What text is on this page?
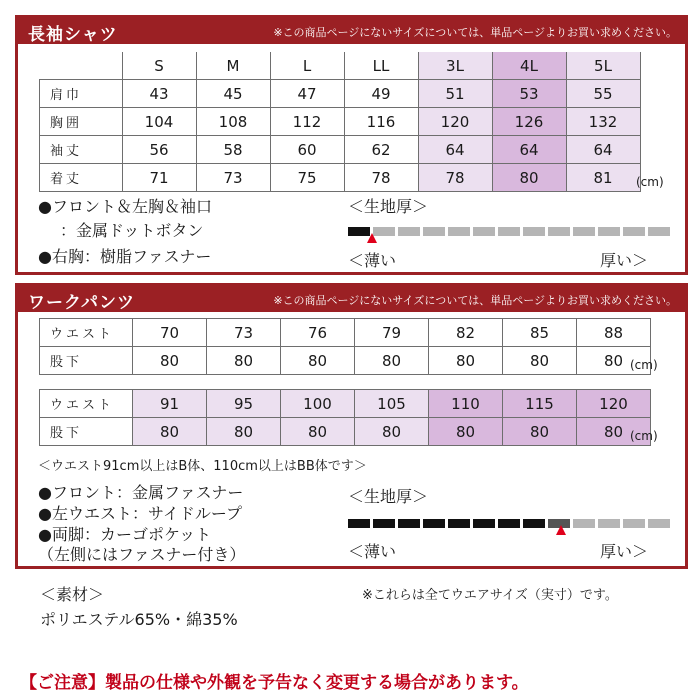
長袖シャツ	※この商品ページにないサイズについては、単品ページよりお買い求めください。
	S	M	L	LL	3L	4L	5L
肩巾	43	45	47	49	51	53	55
胸囲	104	108	112	116	120	126	132
袖丈	56	58	60	62	64	64	64
着丈	71	73	75	78	78	80	81 (cm)
●フロント＆左胸＆袖口
：金属ドットボタン
●右胸：樹脂ファスナー
＜生地厚＞
＜薄い	厚い＞
ワークパンツ	※この商品ページにないサイズについては、単品ページよりお買い求めください。
ウエスト	70	73	76	79	82	85	88
股下	80	80	80	80	80	80	80 (cm)
ウエスト	91	95	100	105	110	115	120
股下	80	80	80	80	80	80	80 (cm)
＜ウエスト91cm以上はB体、110cm以上はBB体です＞
●フロント：金属ファスナー
●左ウエスト：サイドループ
●両脚：カーゴポケット
（左側にはファスナー付き）
＜生地厚＞
＜薄い	厚い＞
＜素材＞
ポリエステル65%・綿35%
※これらは全てウエアサイズ（実寸）です。
【ご注意】製品の仕様や外観を予告なく変更する場合があります。
